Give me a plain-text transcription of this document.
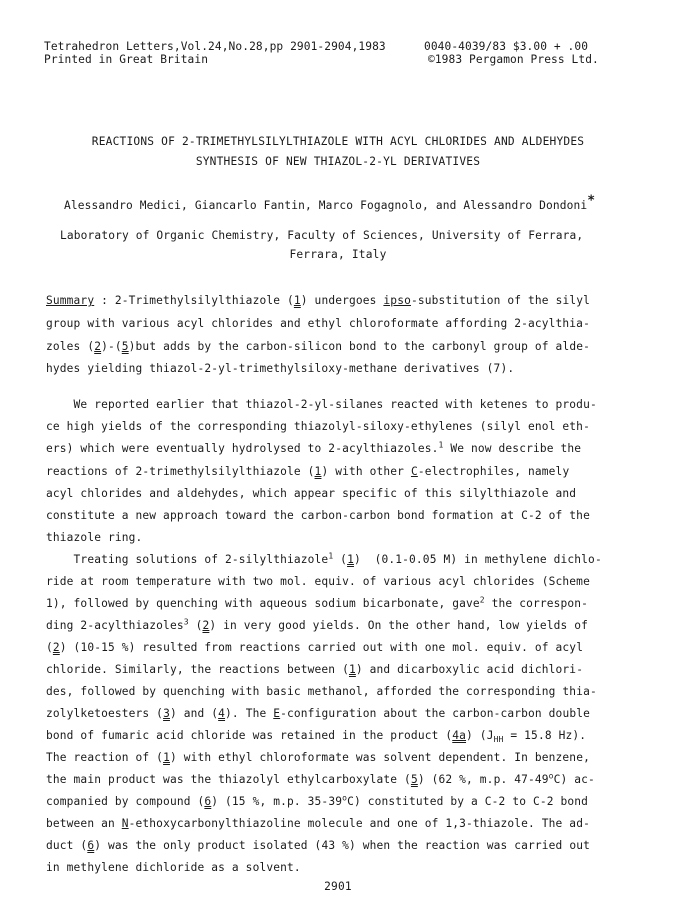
Tetrahedron Letters,Vol.24,No.28,pp 2901-2904,1983
Printed in Great Britain
0040-4039/83 $3.00 + .00
©1983 Pergamon Press Ltd.
REACTIONS OF 2-TRIMETHYLSILYLTHIAZOLE WITH ACYL CHLORIDES AND ALDEHYDES
SYNTHESIS OF NEW THIAZOL-2-YL DERIVATIVES
Alessandro Medici, Giancarlo Fantin, Marco Fogagnolo, and Alessandro Dondoni*
Laboratory of Organic Chemistry, Faculty of Sciences, University of Ferrara,
Ferrara, Italy
Summary : 2-Trimethylsilylthiazole (1) undergoes ipso-substitution of the silyl
group with various acyl chlorides and ethyl chloroformate affording 2-acylthia-
zoles (2)-(5)but adds by the carbon-silicon bond to the carbonyl group of alde-
hydes yielding thiazol-2-yl-trimethylsiloxy-methane derivatives (7).
We reported earlier that thiazol-2-yl-silanes reacted with ketenes to produ-
ce high yields of the corresponding thiazolyl-siloxy-ethylenes (silyl enol eth-
ers) which were eventually hydrolysed to 2-acylthiazoles.$^1$ We now describe the
reactions of 2-trimethylsilylthiazole (1) with other C-electrophiles, namely
acyl chlorides and aldehydes, which appear specific of this silylthiazole and
constitute a new approach toward the carbon-carbon bond formation at C-2 of the
thiazole ring.
Treating solutions of 2-silylthiazole$^1$ (1)  (0.1-0.05 M) in methylene dichlo-
ride at room temperature with two mol. equiv. of various acyl chlorides (Scheme
1), followed by quenching with aqueous sodium bicarbonate, gave$^2$ the correspon-
ding 2-acylthiazoles$^3$ (2) in very good yields. On the other hand, low yields of
(2) (10-15 %) resulted from reactions carried out with one mol. equiv. of acyl
chloride. Similarly, the reactions between (1) and dicarboxylic acid dichlori-
des, followed by quenching with basic methanol, afforded the corresponding thia-
zolylketoesters (3) and (4). The E-configuration about the carbon-carbon double
bond of fumaric acid chloride was retained in the product (4a) ($J_{HH} = 15.8$ Hz).
The reaction of (1) with ethyl chloroformate was solvent dependent. In benzene,
the main product was the thiazolyl ethylcarboxylate (5) (62 %, m.p. 47-49$^o$C) ac-
companied by compound (6) (15 %, m.p. 35-39$^o$C) constituted by a C-2 to C-2 bond
between an N-ethoxycarbonylthiazoline molecule and one of 1,3-thiazole. The ad-
duct (6) was the only product isolated (43 %) when the reaction was carried out
in methylene dichloride as a solvent.
2901
